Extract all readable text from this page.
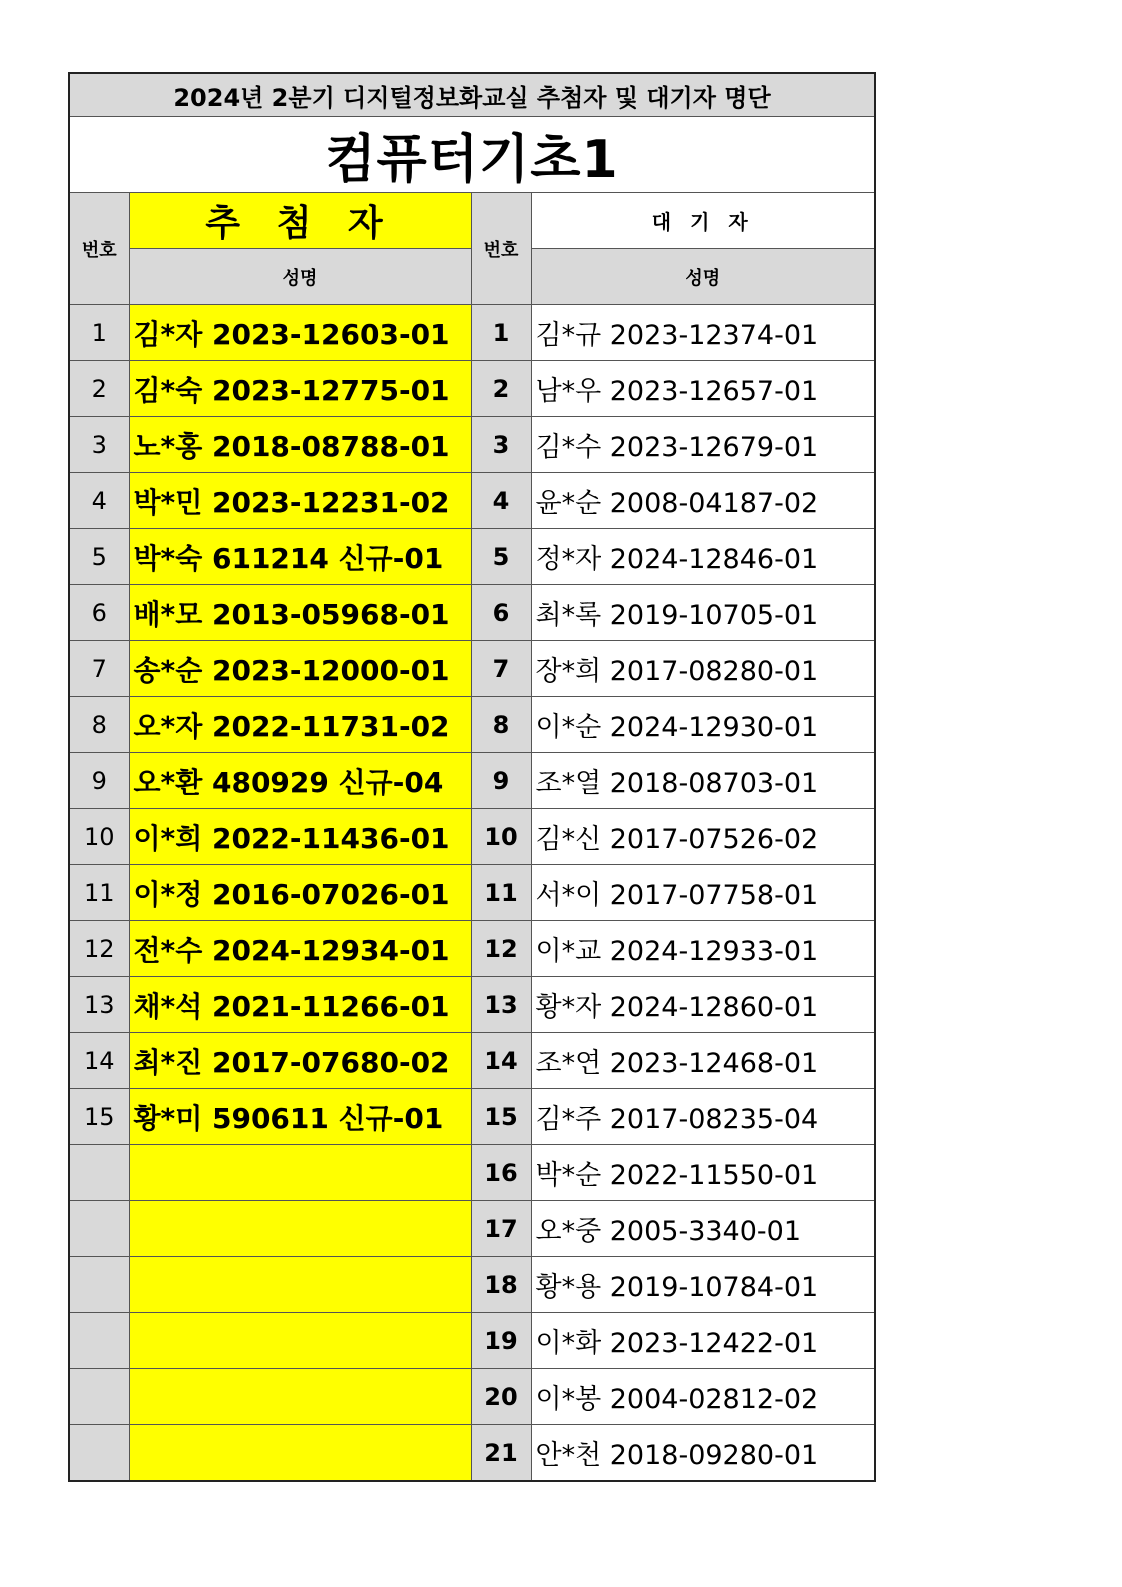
2024년 2분기 디지털정보화교실 추첨자 및 대기자 명단			
컴퓨터기초1			
번호	추 첨 자	번호	대 기 자
	성명		성명
1	김*자 2023-12603-01	1	김*규 2023-12374-01
2	김*숙 2023-12775-01	2	남*우 2023-12657-01
3	노*홍 2018-08788-01	3	김*수 2023-12679-01
4	박*민 2023-12231-02	4	윤*순 2008-04187-02
5	박*숙 611214 신규-01	5	정*자 2024-12846-01
6	배*모 2013-05968-01	6	최*록 2019-10705-01
7	송*순 2023-12000-01	7	장*희 2017-08280-01
8	오*자 2022-11731-02	8	이*순 2024-12930-01
9	오*환 480929 신규-04	9	조*열 2018-08703-01
10	이*희 2022-11436-01	10	김*신 2017-07526-02
11	이*정 2016-07026-01	11	서*이 2017-07758-01
12	전*수 2024-12934-01	12	이*교 2024-12933-01
13	채*석 2021-11266-01	13	황*자 2024-12860-01
14	최*진 2017-07680-02	14	조*연 2023-12468-01
15	황*미 590611 신규-01	15	김*주 2017-08235-04
		16	박*순 2022-11550-01
		17	오*중 2005-3340-01
		18	황*용 2019-10784-01
		19	이*화 2023-12422-01
		20	이*봉 2004-02812-02
		21	안*천 2018-09280-01
